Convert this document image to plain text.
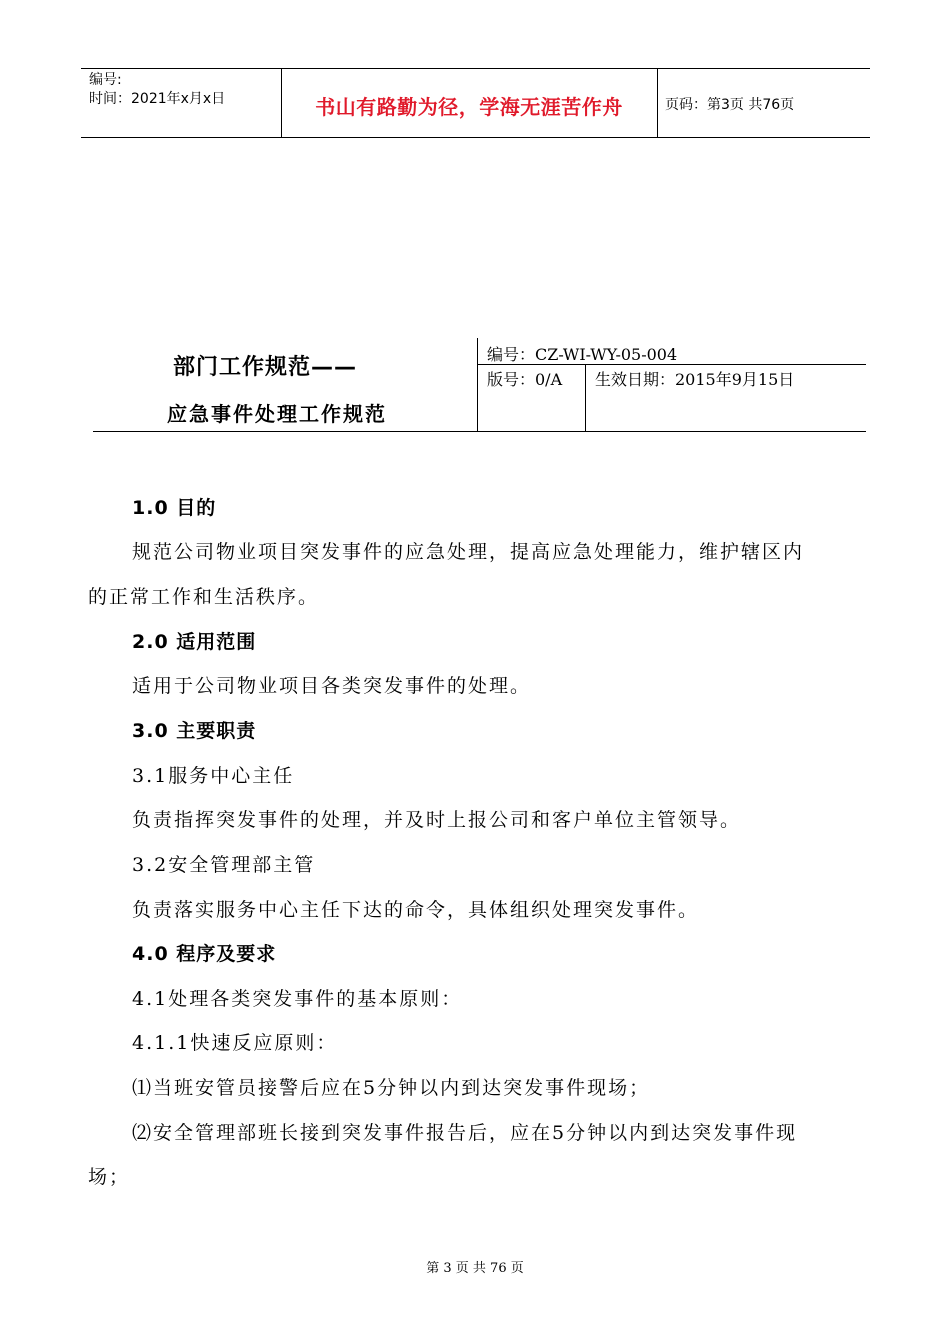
编号:
时间：2021年x月x日	书山有路勤为径，学海无涯苦作舟	页码：第3页 共76页
部门工作规范——
应急事件处理工作规范
编号：CZ-WI-WY-05-004
版号：0/A 生效日期：2015年9月15日
1.0 目的
规范公司物业项目突发事件的应急处理，提高应急处理能力，维护辖区内
的正常工作和生活秩序。
2.0 适用范围
适用于公司物业项目各类突发事件的处理。
3.0 主要职责
3.1服务中心主任
负责指挥突发事件的处理，并及时上报公司和客户单位主管领导。
3.2安全管理部主管
负责落实服务中心主任下达的命令，具体组织处理突发事件。
4.0 程序及要求
4.1处理各类突发事件的基本原则：
4.1.1快速反应原则：
⑴当班安管员接警后应在5分钟以内到达突发事件现场；
⑵安全管理部班长接到突发事件报告后，应在5分钟以内到达突发事件现
场；
第 3 页 共 76 页
